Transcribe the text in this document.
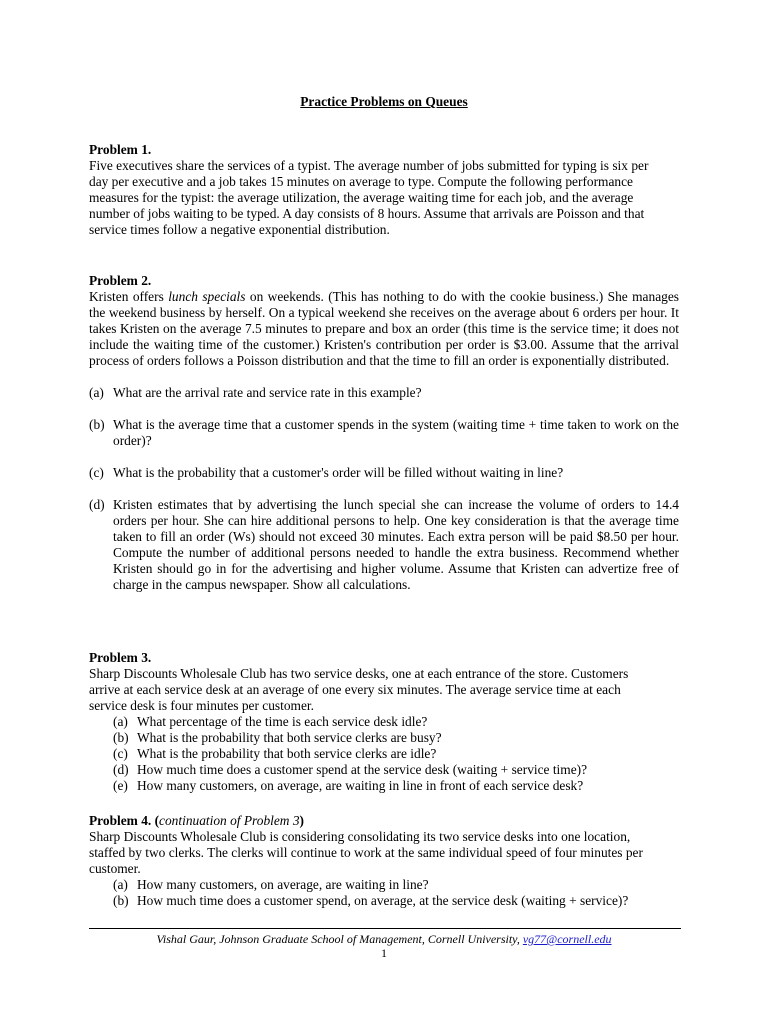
Practice Problems on Queues
Problem 1.

Five executives share the services of a typist. The average number of jobs submitted for typing is six per
day per executive and a job takes 15 minutes on average to type. Compute the following performance
measures for the typist: the average utilization, the average waiting time for each job, and the average
number of jobs waiting to be typed. A day consists of 8 hours. Assume that arrivals are Poisson and that
service times follow a negative exponential distribution.

Problem 2.

Kristen offers lunch specials on weekends. (This has nothing to do with the cookie business.) She manages the weekend business by herself. On a typical weekend she receives on the average about 6 orders per hour. It takes Kristen on the average 7.5 minutes to prepare and box an order (this time is the service time; it does not include the waiting time of the customer.) Kristen's contribution per order is $3.00. Assume that the arrival process of orders follows a Poisson distribution and that the time to fill an order is exponentially distributed.

(a) What are the arrival rate and service rate in this example?
(b) What is the average time that a customer spends in the system (waiting time + time taken to work on the order)?
(c) What is the probability that a customer's order will be filled without waiting in line?
(d) Kristen estimates that by advertising the lunch special she can increase the volume of orders to 14.4 orders per hour. She can hire additional persons to help. One key consideration is that the average time taken to fill an order (Ws) should not exceed 30 minutes. Each extra person will be paid $8.50 per hour. Compute the number of additional persons needed to handle the extra business. Recommend whether Kristen should go in for the advertising and higher volume. Assume that Kristen can advertize free of charge in the campus newspaper. Show all calculations.
Problem 3.

Sharp Discounts Wholesale Club has two service desks, one at each entrance of the store. Customers
arrive at each service desk at an average of one every six minutes. The average service time at each
service desk is four minutes per customer.

(a) What percentage of the time is each service desk idle?
(b) What is the probability that both service clerks are busy?
(c) What is the probability that both service clerks are idle?
(d) How much time does a customer spend at the service desk (waiting + service time)?
(e) How many customers, on average, are waiting in line in front of each service desk?
Problem 4. (continuation of Problem 3)

Sharp Discounts Wholesale Club is considering consolidating its two service desks into one location,
staffed by two clerks. The clerks will continue to work at the same individual speed of four minutes per
customer.

(a) How many customers, on average, are waiting in line?
(b) How much time does a customer spend, on average, at the service desk (waiting + service)?
Vishal Gaur, Johnson Graduate School of Management, Cornell University, vg77@cornell.edu
1
